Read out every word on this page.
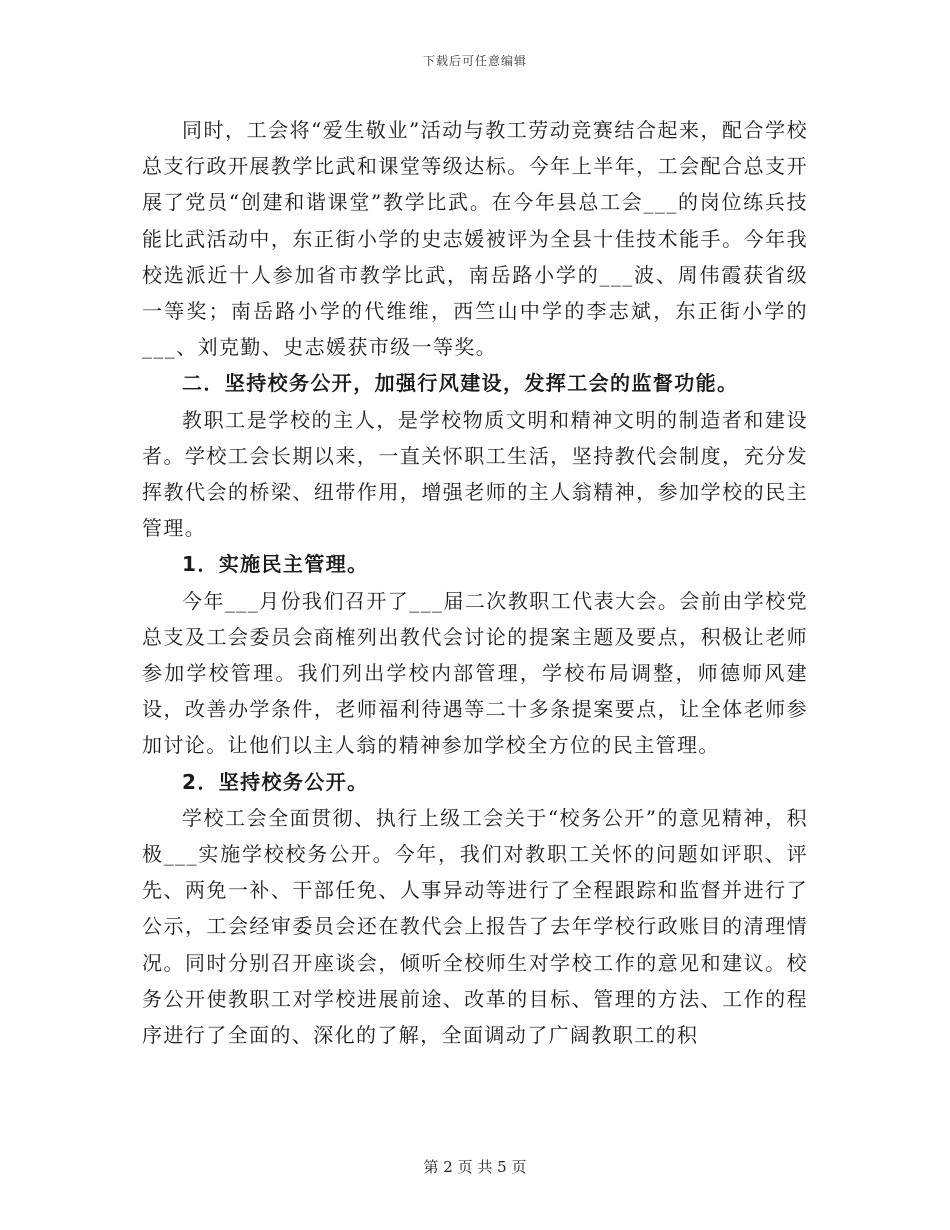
下载后可任意编辑

同时，工会将“爱生敬业”活动与教工劳动竞赛结合起来，配合学校总支行政开展教学比武和课堂等级达标。今年上半年，工会配合总支开展了党员“创建和谐课堂”教学比武。在今年县总工会___的岗位练兵技能比武活动中，东正街小学的史志媛被评为全县十佳技术能手。今年我校选派近十人参加省市教学比武，南岳路小学的___波、周伟霞获省级一等奖；南岳路小学的代维维，西竺山中学的李志斌，东正街小学的___、刘克勤、史志媛获市级一等奖。

二．坚持校务公开，加强行风建设，发挥工会的监督功能。

教职工是学校的主人，是学校物质文明和精神文明的制造者和建设者。学校工会长期以来，一直关怀职工生活，坚持教代会制度，充分发挥教代会的桥梁、纽带作用，增强老师的主人翁精神，参加学校的民主管理。

1．实施民主管理。

今年___月份我们召开了___届二次教职工代表大会。会前由学校党总支及工会委员会商榷列出教代会讨论的提案主题及要点，积极让老师参加学校管理。我们列出学校内部管理，学校布局调整，师德师风建设，改善办学条件，老师福利待遇等二十多条提案要点，让全体老师参加讨论。让他们以主人翁的精神参加学校全方位的民主管理。

2．坚持校务公开。

学校工会全面贯彻、执行上级工会关于“校务公开”的意见精神，积极___实施学校校务公开。今年，我们对教职工关怀的问题如评职、评先、两免一补、干部任免、人事异动等进行了全程跟踪和监督并进行了公示，工会经审委员会还在教代会上报告了去年学校行政账目的清理情况。同时分别召开座谈会，倾听全校师生对学校工作的意见和建议。校务公开使教职工对学校进展前途、改革的目标、管理的方法、工作的程序进行了全面的、深化的了解，全面调动了广阔教职工的积

第 2 页 共 5 页
